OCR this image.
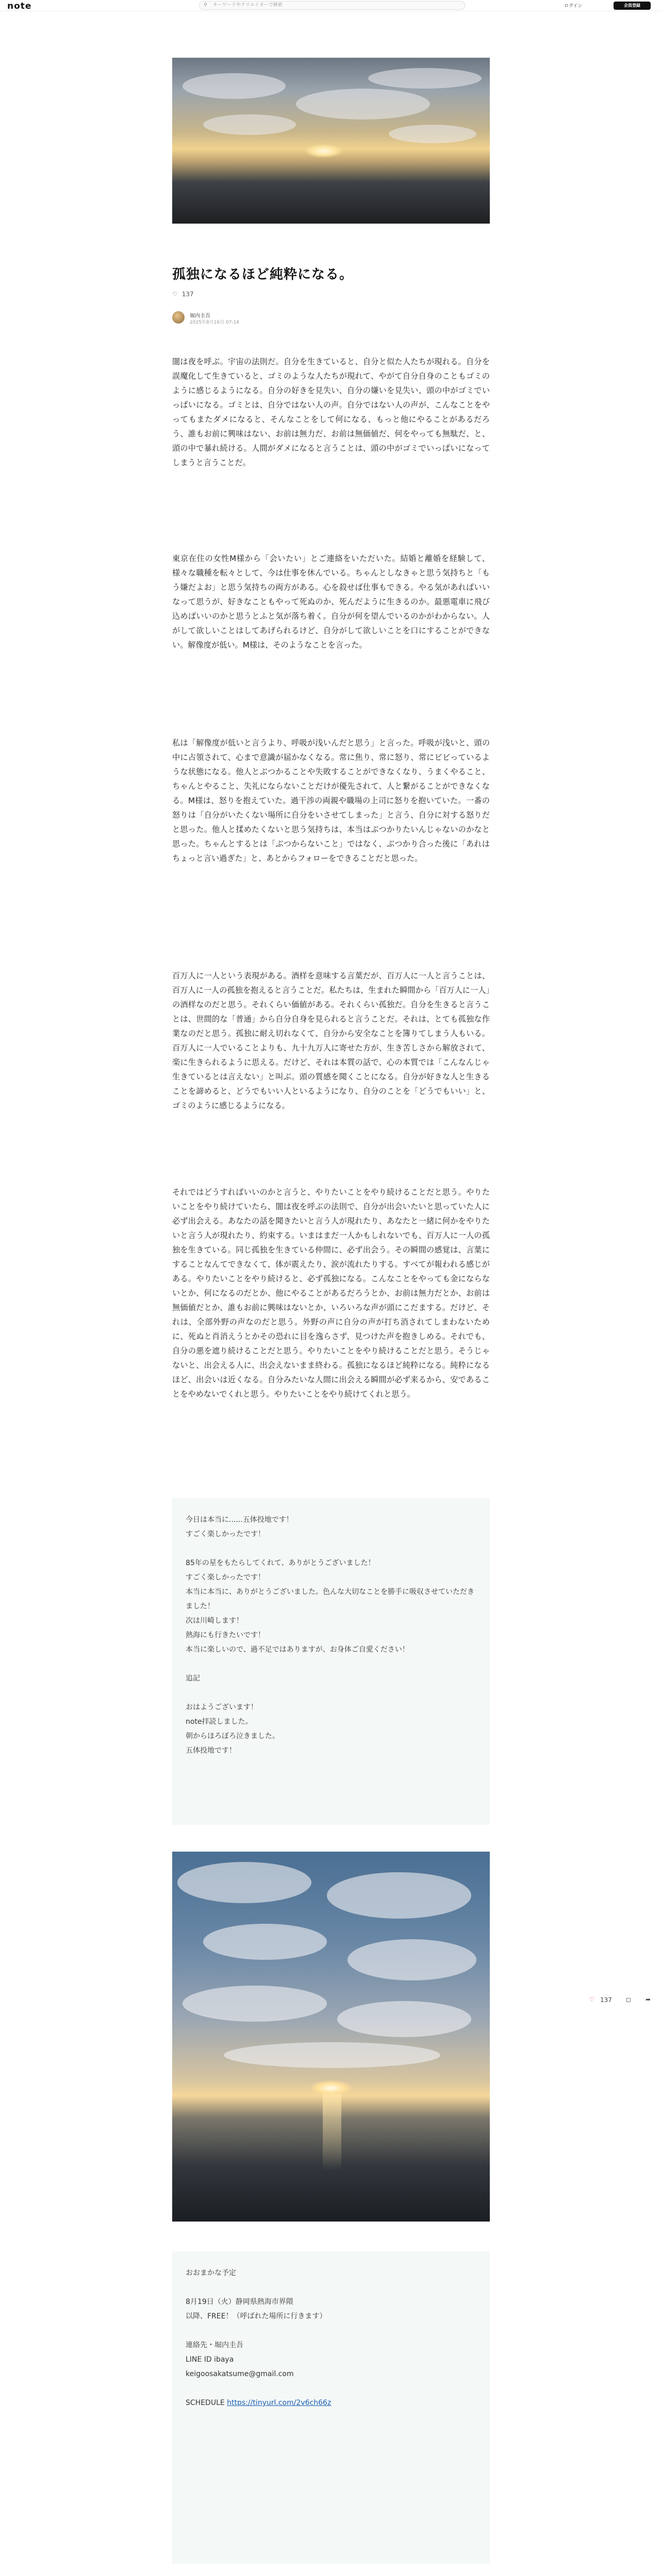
note	⚲ キーワードやクリエイターで検索	ログイン	会員登録
孤独になるほど純粋になる。
♡ 137
堀内圭吾
2025年8月16日 07:14

闇は夜を呼ぶ。宇宙の法則だ。自分を生きていると、自分と似た人たちが現れる。自分を誤魔化して生きていると、ゴミのような人たちが現れて、やがて自分自身のこともゴミのように感じるようになる。自分の好きを見失い、自分の嫌いを見失い、頭の中がゴミでいっぱいになる。ゴミとは、自分ではない人の声。自分ではない人の声が、こんなことをやってもまたダメになると、そんなことをして何になる、もっと他にやることがあるだろう、誰もお前に興味はない、お前は無力だ、お前は無価値だ、何をやっても無駄だ、と、頭の中で暴れ続ける。人間がダメになると言うことは、頭の中がゴミでいっぱいになってしまうと言うことだ。

東京在住の女性M様から「会いたい」とご連絡をいただいた。結婚と離婚を経験して、様々な職種を転々として、今は仕事を休んでいる。ちゃんとしなきゃと思う気持ちと「もう嫌だよお」と思う気持ちの両方がある。心を殺せば仕事もできる。やる気があればいいなって思うが、好きなこともやって死ぬのか、死んだように生きるのか。最悪電車に飛び込めばいいのかと思うとふと気が落ち着く。自分が何を望んでいるのかがわからない。人がして欲しいことはしてあげられるけど、自分がして欲しいことを口にすることができない。解像度が低い。M様は、そのようなことを言った。

私は「解像度が低いと言うより、呼吸が浅いんだと思う」と言った。呼吸が浅いと、頭の中に占領されて、心まで意識が届かなくなる。常に焦り、常に怒り、常にビビっているような状態になる。他人とぶつかることや失敗することができなくなり、うまくやること、ちゃんとやること、失礼にならないことだけが優先されて、人と繋がることができなくなる。M様は、怒りを抱えていた。過干渉の両親や職場の上司に怒りを抱いていた。一番の怒りは「自分がいたくない場所に自分をいさせてしまった」と言う、自分に対する怒りだと思った。他人と揉めたくないと思う気持ちは、本当はぶつかりたいんじゃないのかなと思った。ちゃんとするとは「ぶつからないこと」ではなく、ぶつかり合った後に「あれはちょっと言い過ぎた」と、あとからフォローをできることだと思った。

百万人に一人という表現がある。酒样を意味する言葉だが、百万人に一人と言うことは、百万人に一人の孤独を抱えると言うことだ。私たちは、生まれた瞬間から「百万人に一人」の酒样なのだと思う。それくらい価値がある。それくらい孤独だ。自分を生きると言うことは、世間的な「普通」から自分自身を見られると言うことだ。それは、とても孤独な作業なのだと思う。孤独に耐え切れなくて、自分から安全なことを簿りてしまう人もいる。百万人に一人でいることよりも、九十九万人に寄せた方が、生き苦しさから解放されて、楽に生きられるように思える。だけど、それは本質の話で、心の本質では「こんなんじゃ生きているとは言えない」と叫ぶ。頭の質感を聞くことになる。自分が好きな人と生きることを諦めると、どうでもいい人といるようになり、自分のことを「どうでもいい」と、ゴミのように感じるようになる。

それではどうすればいいのかと言うと、やりたいことをやり続けることだと思う。やりたいことをやり続けていたら、闇は夜を呼ぶの法則で、自分が出会いたいと思っていた人に必ず出会える。あなたの話を聞きたいと言う人が現れたり、あなたと一緒に何かをやりたいと言う人が現れたり、約束する。いまはまだ一人かもしれないでも、百万人に一人の孤独を生きている。同じ孤独を生きている仲間に、必ず出会う。その瞬間の感覚は、言葉にすることなんてできなくて、体が震えたり、涙が流れたりする。すべてが報われる感じがある。やりたいことをやり続けると、必ず孤独になる。こんなことをやっても金にならないとか、何になるのだとか、他にやることがあるだろうとか、お前は無力だとか、お前は無価値だとか、誰もお前に興味はないとか、いろいろな声が頭にこだまする。だけど、それは、全部外野の声なのだと思う。外野の声に自分の声が打ち消されてしまわないために、死ぬと肖消えうとかその恐れに目を逸らさず、見つけた声を抱きしめる。それでも、自分の悪を遮り続けることだと思う。やりたいことをやり続けることだと思う。そうじゃないと、出会える人に、出会えないまま終わる。孤独になるほど純粋になる。純粋になるほど、出会いは近くなる。自分みたいな人間に出会える瞬間が必ず来るから、安であることをやめないでくれと思う。やりたいことをやり続けてくれと思う。

今日は本当に......五体投地です！

すごく楽しかったです！

85年の星をもたらしてくれて、ありがとうございました！

すごく楽しかったです！

本当に本当に、ありがとうございました。色んな大切なことを勝手に吸収させていただきました！

次は川崎します！

熱海にも行きたいです！

本当に楽しいので、過不足ではありますが、お身体ご自愛ください！

追記

おはようございます！

note拝読しました。

朝からほろぼろ泣きました。

五体投地です！

おおまかな予定

8月19日（火）静岡県熱海市界隈

以降、FREE！（呼ばれた場所に行きます）

連絡先・堀内圭吾

LINE ID ibaya

keigoosakatsume@gmail.com

SCHEDULE https://tinyurl.com/2v6ch66z

♡ 137 ◻ ➦
